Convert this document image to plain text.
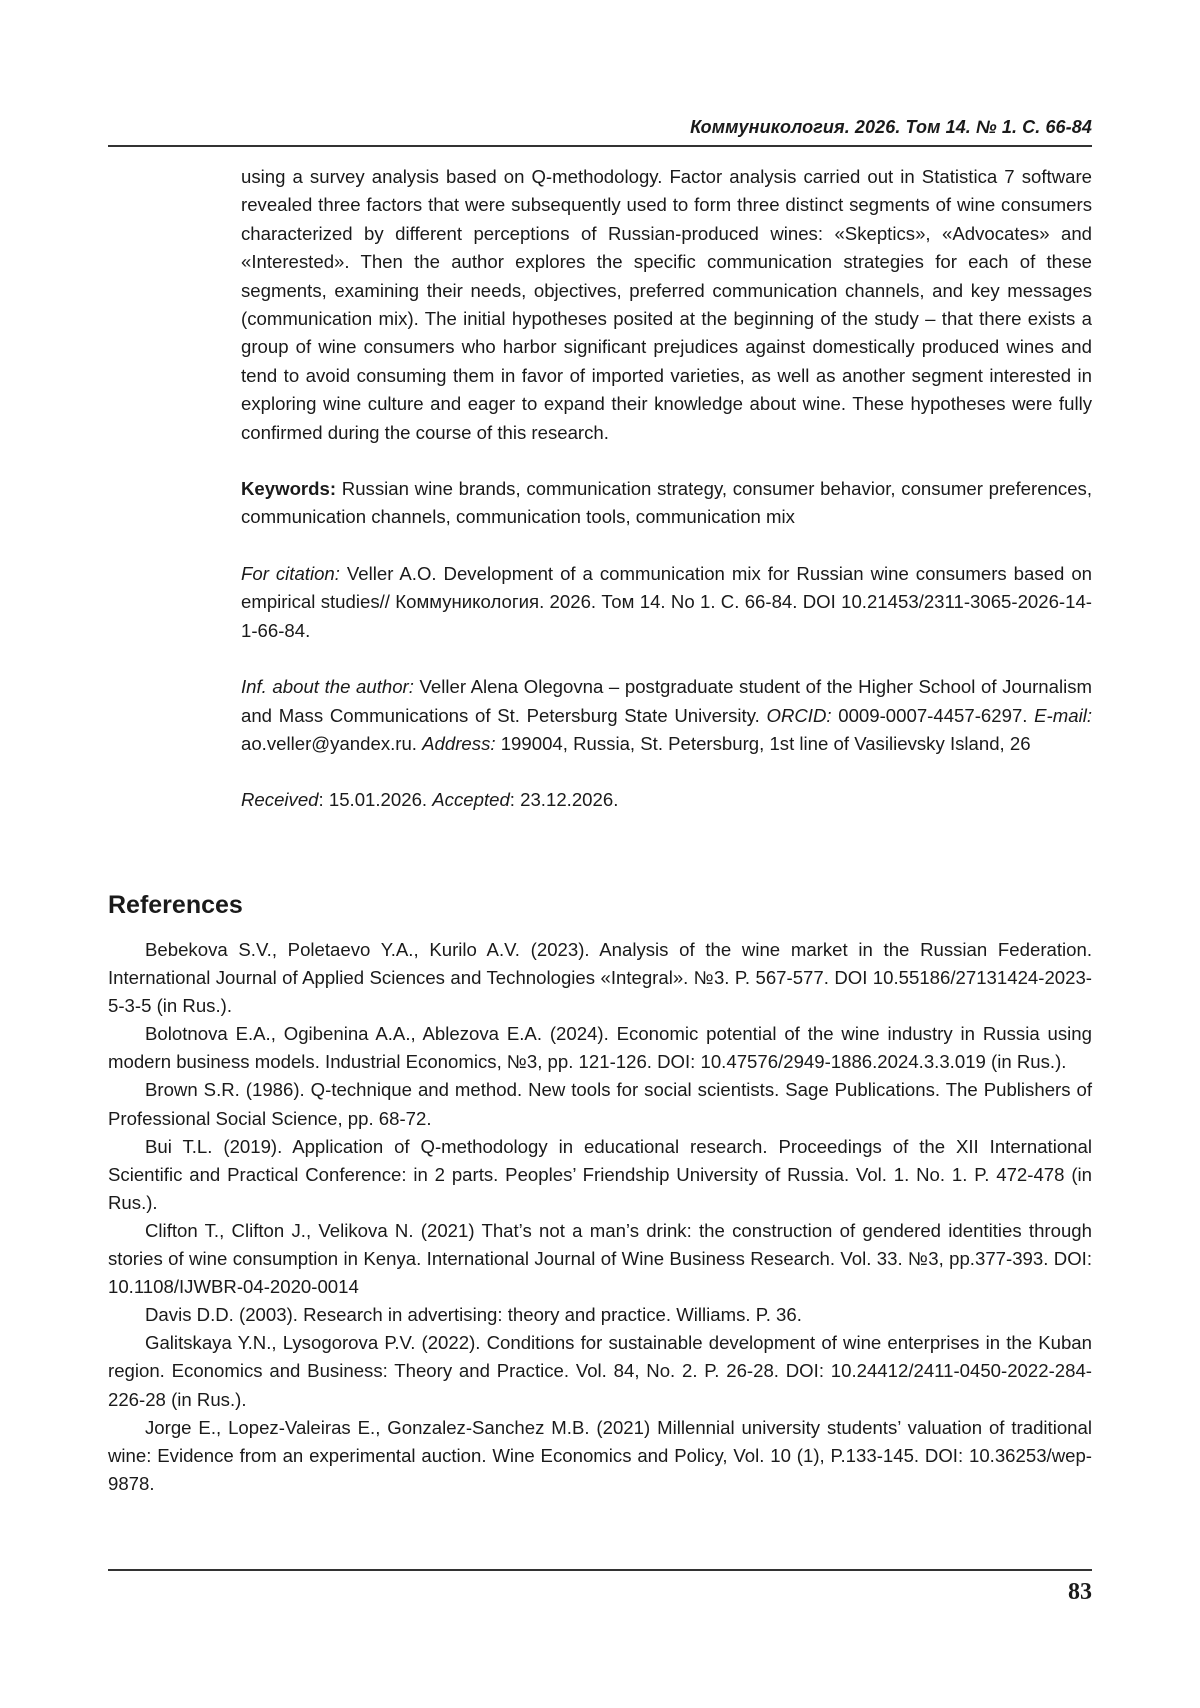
Коммуникология. 2026. Том 14. № 1. С. 66-84

using a survey analysis based on Q-methodology. Factor analysis carried out in Statistica 7 software revealed three factors that were subsequently used to form three distinct segments of wine consumers characterized by different perceptions of Russian-produced wines: «Skeptics», «Advocates» and «Interested». Then the author explores the specific communication strategies for each of these segments, examining their needs, objectives, preferred communication channels, and key messages (communication mix). The initial hypotheses posited at the beginning of the study – that there exists a group of wine consumers who harbor significant prejudices against domestically produced wines and tend to avoid consuming them in favor of imported varieties, as well as another segment interested in exploring wine culture and eager to expand their knowledge about wine. These hypotheses were fully confirmed during the course of this research.

Keywords: Russian wine brands, communication strategy, consumer behavior, consumer preferences, communication channels, communication tools, communication mix

For citation: Veller A.O. Development of a communication mix for Russian wine consumers based on empirical studies// Коммуникология. 2026. Том 14. No 1. С. 66-84. DOI 10.21453/2311-3065-2026-14-1-66-84.

Inf. about the author: Veller Alena Olegovna – postgraduate student of the Higher School of Journalism and Mass Communications of St. Petersburg State University. ORCID: 0009-0007-4457-6297. E-mail: ao.veller@yandex.ru. Address: 199004, Russia, St. Petersburg, 1st line of Vasilievsky Island, 26

Received: 15.01.2026. Accepted: 23.12.2026.

References
Bebekova S.V., Poletaevo Y.A., Kurilo A.V. (2023). Analysis of the wine market in the Russian Federation. International Journal of Applied Sciences and Technologies «Integral». №3. P. 567-577. DOI 10.55186/27131424-2023-5-3-5 (in Rus.).
Bolotnova E.A., Ogibenina A.A., Ablezova E.A. (2024). Economic potential of the wine industry in Russia using modern business models. Industrial Economics, №3, pp. 121-126. DOI: 10.47576/2949-1886.2024.3.3.019 (in Rus.).
Brown S.R. (1986). Q-technique and method. New tools for social scientists. Sage Publications. The Publishers of Professional Social Science, pp. 68-72.
Bui T.L. (2019). Application of Q-methodology in educational research. Proceedings of the XII International Scientific and Practical Conference: in 2 parts. Peoples’ Friendship University of Russia. Vol. 1. No. 1. P. 472-478 (in Rus.).
Clifton T., Clifton J., Velikova N. (2021) That’s not a man’s drink: the construction of gendered identities through stories of wine consumption in Kenya. International Journal of Wine Business Research. Vol. 33. №3, pp.377-393. DOI: 10.1108/IJWBR-04-2020-0014
Davis D.D. (2003). Research in advertising: theory and practice. Williams. P. 36.
Galitskaya Y.N., Lysogorova P.V. (2022). Conditions for sustainable development of wine enterprises in the Kuban region. Economics and Business: Theory and Practice. Vol. 84, No. 2. P. 26-28. DOI: 10.24412/2411-0450-2022-284-226-28 (in Rus.).
Jorge E., Lopez-Valeiras E., Gonzalez-Sanchez M.B. (2021) Millennial university students’ valuation of traditional wine: Evidence from an experimental auction. Wine Economics and Policy, Vol. 10 (1), P.133-145. DOI: 10.36253/wep-9878.
83
